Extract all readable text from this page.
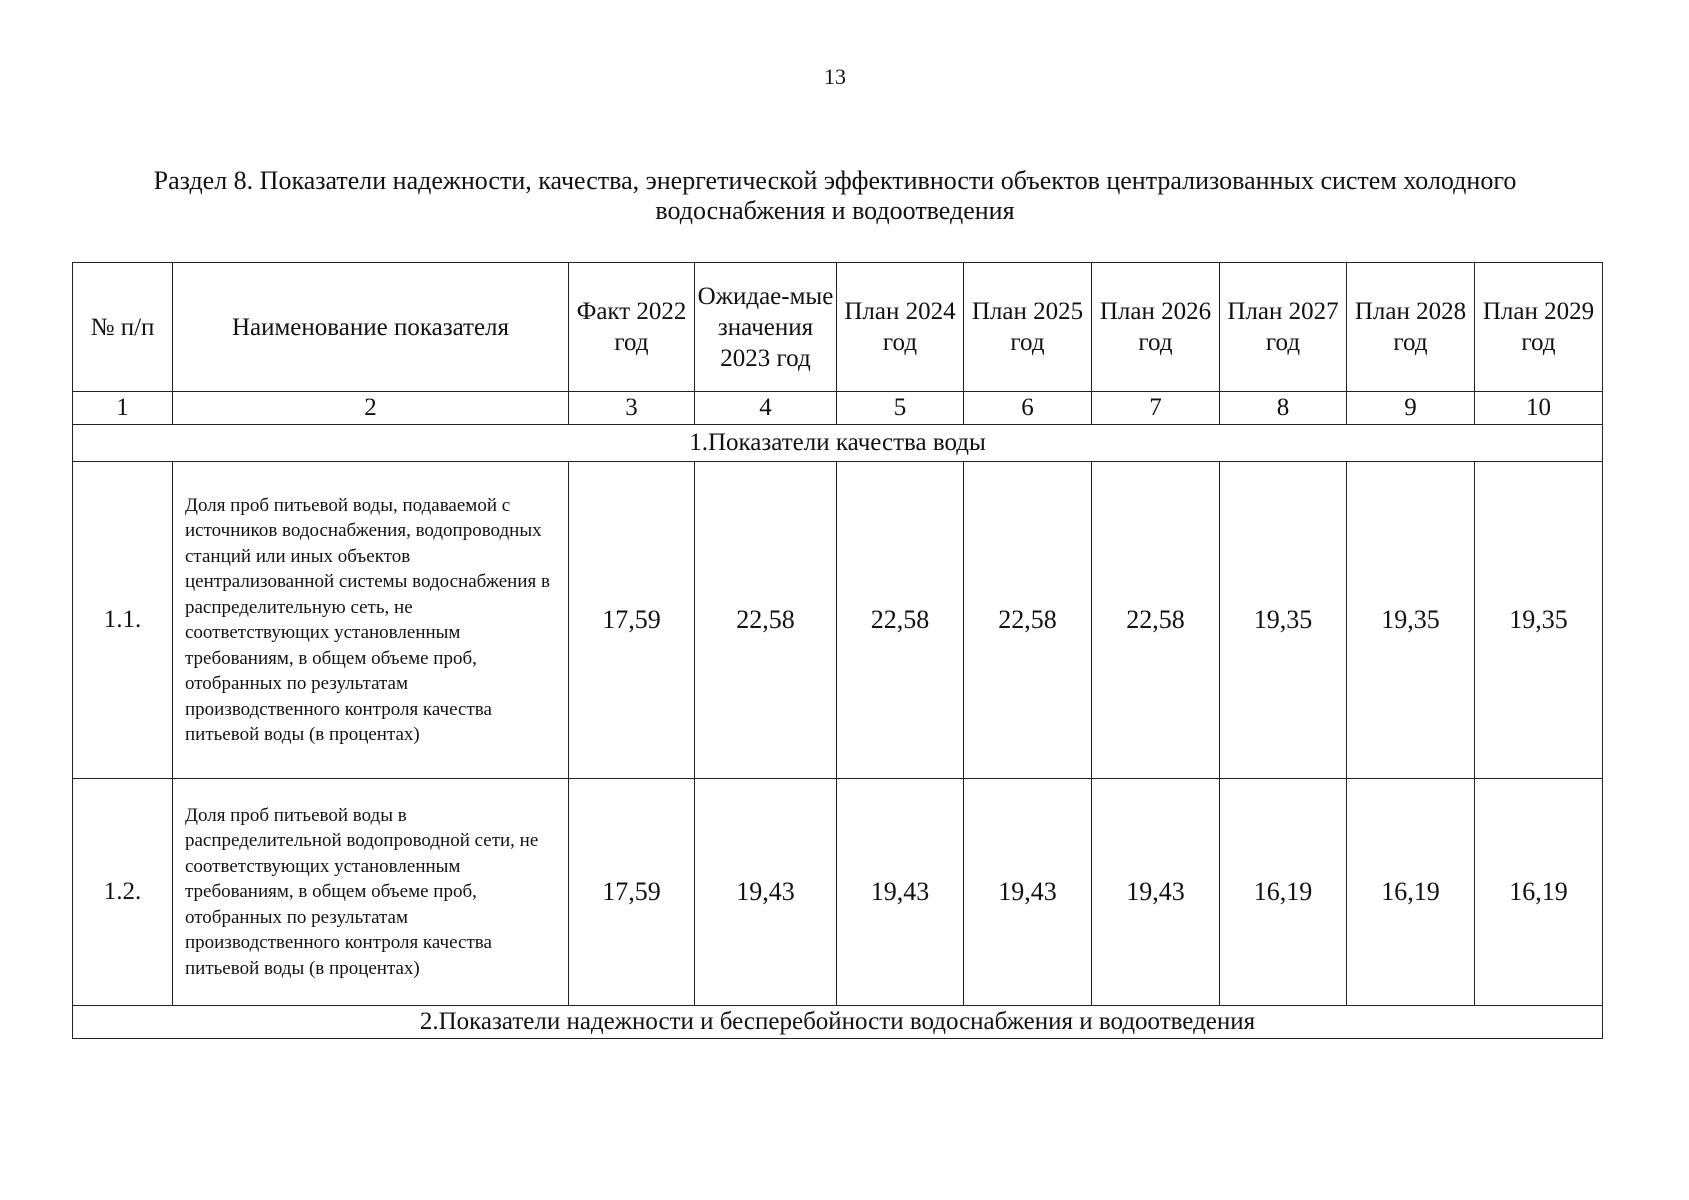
13
Раздел 8. Показатели надежности, качества, энергетической эффективности объектов централизованных систем холодного
водоснабжения и водоотведения
№ п/п	Наименование показателя	Факт 2022 год	Ожидае-мые значения 2023 год	План 2024 год	План 2025 год	План 2026 год	План 2027 год	План 2028 год	План 2029 год
1	2	3	4	5	6	7	8	9	10
1.Показатели качества воды									
1.1.	Доля проб питьевой воды, подаваемой с источников водоснабжения, водопроводных станций или иных объектов централизованной системы водоснабжения в распределительную сеть, не соответствующих установленным требованиям, в общем объеме проб, отобранных по результатам производственного контроля качества питьевой воды (в процентах)	17,59	22,58	22,58	22,58	22,58	19,35	19,35	19,35
1.2.	Доля проб питьевой воды в распределительной водопроводной сети, не соответствующих установленным требованиям, в общем объеме проб, отобранных по результатам производственного контроля качества питьевой воды (в процентах)	17,59	19,43	19,43	19,43	19,43	16,19	16,19	16,19
2.Показатели надежности и бесперебойности водоснабжения и водоотведения									
